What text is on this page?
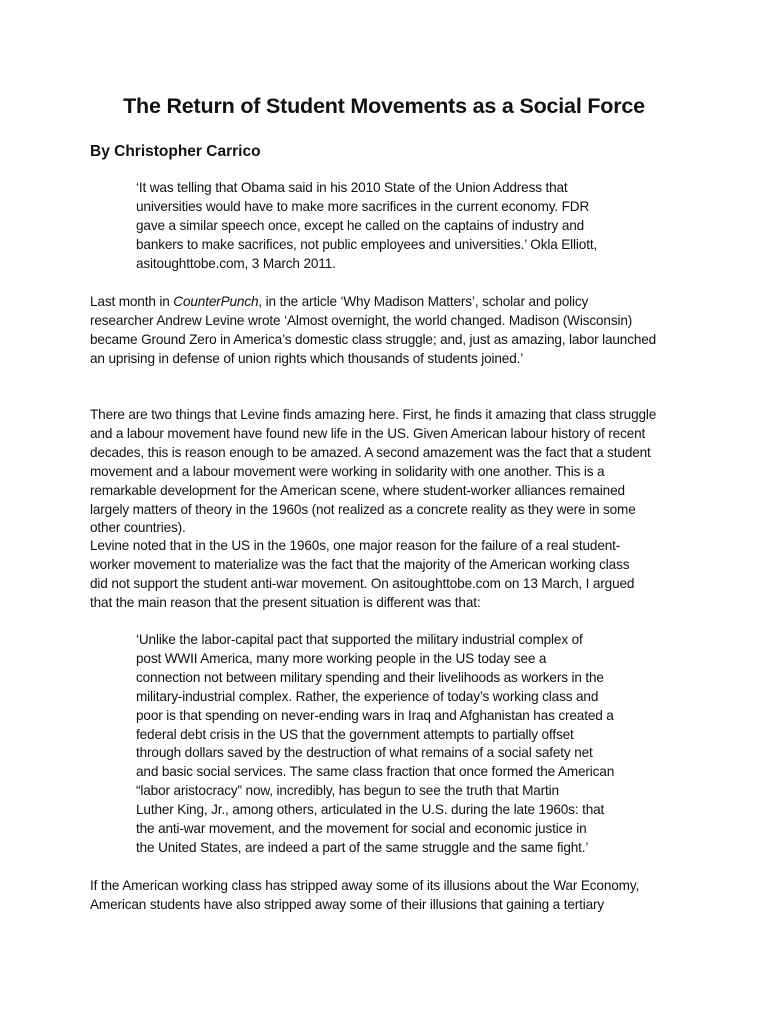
The Return of Student Movements as a Social Force
By Christopher Carrico
‘It was telling that Obama said in his 2010 State of the Union Address that
universities would have to make more sacrifices in the current economy. FDR
gave a similar speech once, except he called on the captains of industry and
bankers to make sacrifices, not public employees and universities.’ Okla Elliott,
asitoughttobe.com, 3 March 2011.
Last month in CounterPunch, in the article ‘Why Madison Matters’, scholar and policy
researcher Andrew Levine wrote ‘Almost overnight, the world changed. Madison (Wisconsin)
became Ground Zero in America’s domestic class struggle; and, just as amazing, labor launched
an uprising in defense of union rights which thousands of students joined.’
There are two things that Levine finds amazing here. First, he finds it amazing that class struggle
and a labour movement have found new life in the US. Given American labour history of recent
decades, this is reason enough to be amazed. A second amazement was the fact that a student
movement and a labour movement were working in solidarity with one another. This is a
remarkable development for the American scene, where student-worker alliances remained
largely matters of theory in the 1960s (not realized as a concrete reality as they were in some
other countries).
Levine noted that in the US in the 1960s, one major reason for the failure of a real student-
worker movement to materialize was the fact that the majority of the American working class
did not support the student anti-war movement. On asitoughttobe.com on 13 March, I argued
that the main reason that the present situation is different was that:
‘Unlike the labor-capital pact that supported the military industrial complex of
post WWII America, many more working people in the US today see a
connection not between military spending and their livelihoods as workers in the
military-industrial complex. Rather, the experience of today’s working class and
poor is that spending on never-ending wars in Iraq and Afghanistan has created a
federal debt crisis in the US that the government attempts to partially offset
through dollars saved by the destruction of what remains of a social safety net
and basic social services. The same class fraction that once formed the American
“labor aristocracy” now, incredibly, has begun to see the truth that Martin
Luther King, Jr., among others, articulated in the U.S. during the late 1960s: that
the anti-war movement, and the movement for social and economic justice in
the United States, are indeed a part of the same struggle and the same fight.’
If the American working class has stripped away some of its illusions about the War Economy,
American students have also stripped away some of their illusions that gaining a tertiary
